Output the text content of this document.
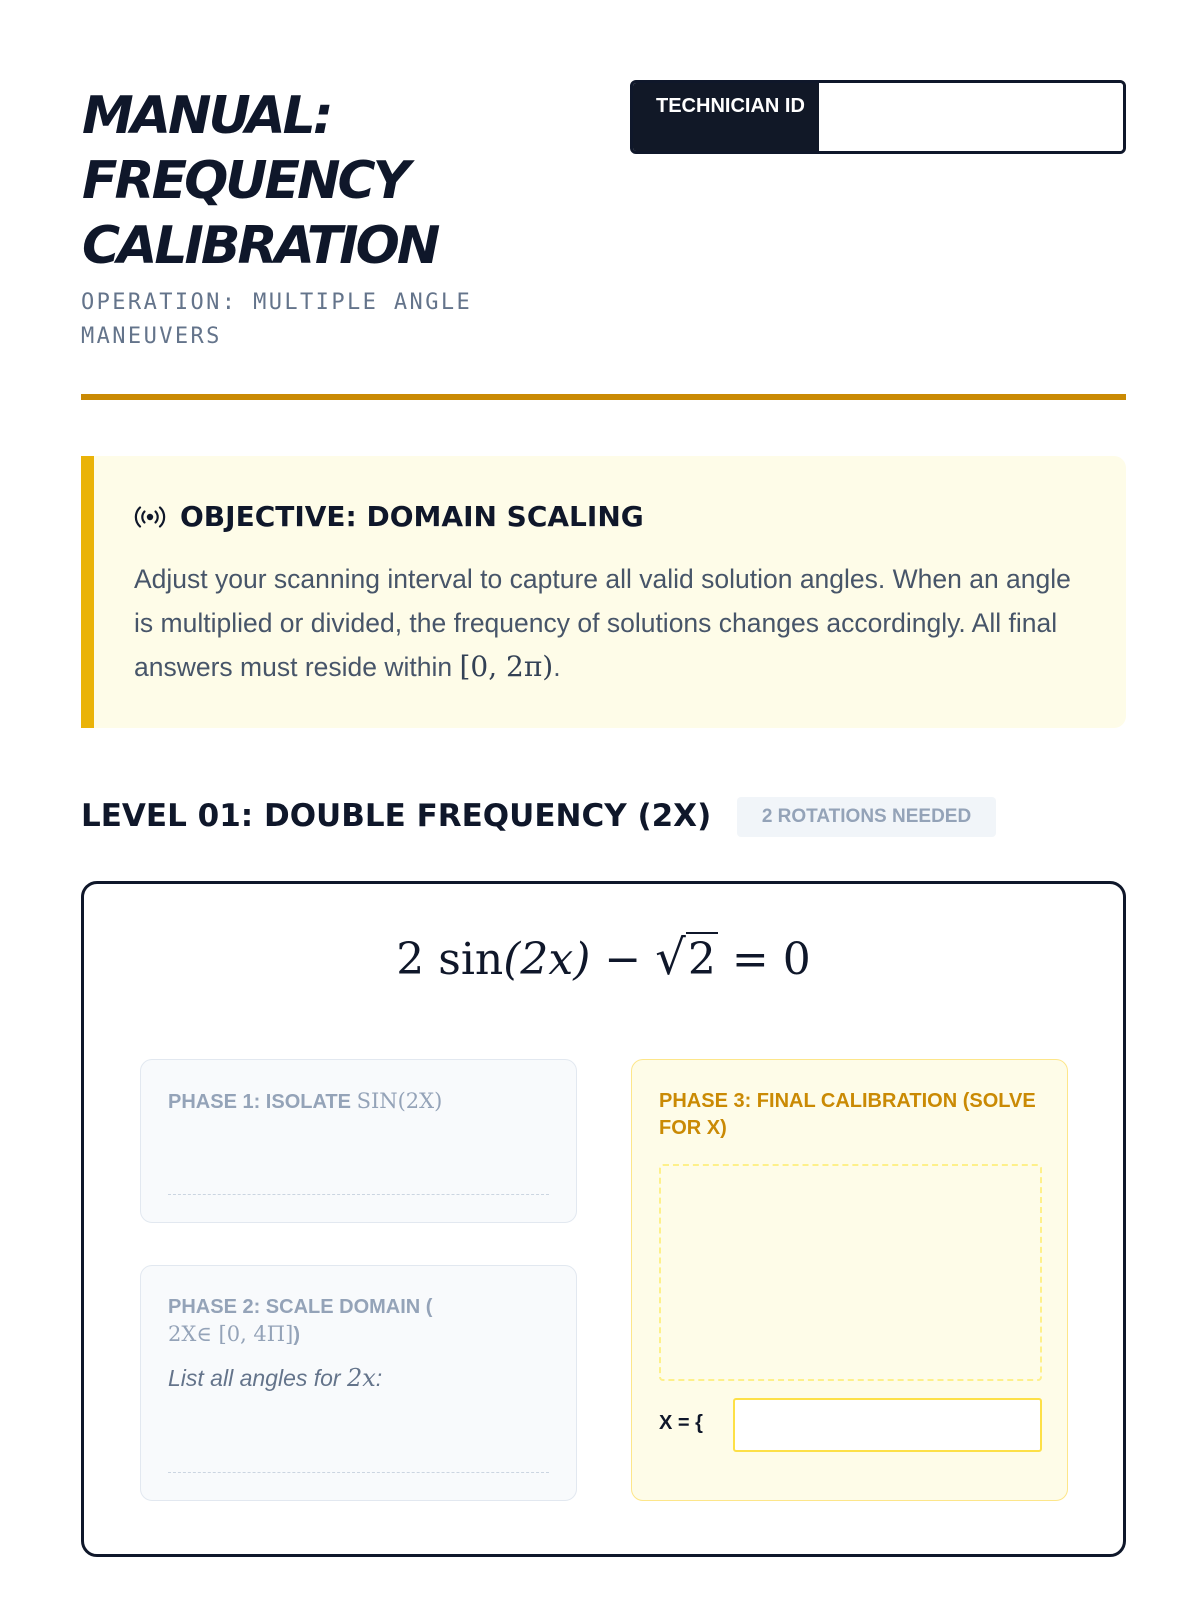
MANUAL:
FREQUENCY
CALIBRATION
OPERATION: MULTIPLE ANGLE MANEUVERS
TECHNICIAN ID
OBJECTIVE: DOMAIN SCALING

Adjust your scanning interval to capture all valid solution angles. When an angle is multiplied or divided, the frequency of solutions changes accordingly. All final answers must reside within [0, 2π).

LEVEL 01: DOUBLE FREQUENCY (2X)	2 ROTATIONS NEEDED
2 sin(2x) − √2 = 0
PHASE 1: ISOLATE SIN(2X)
PHASE 2: SCALE DOMAIN (
2X∈ [0, 4Π])
List all angles for 2x:
PHASE 3: FINAL CALIBRATION (SOLVE FOR X)
X = {
